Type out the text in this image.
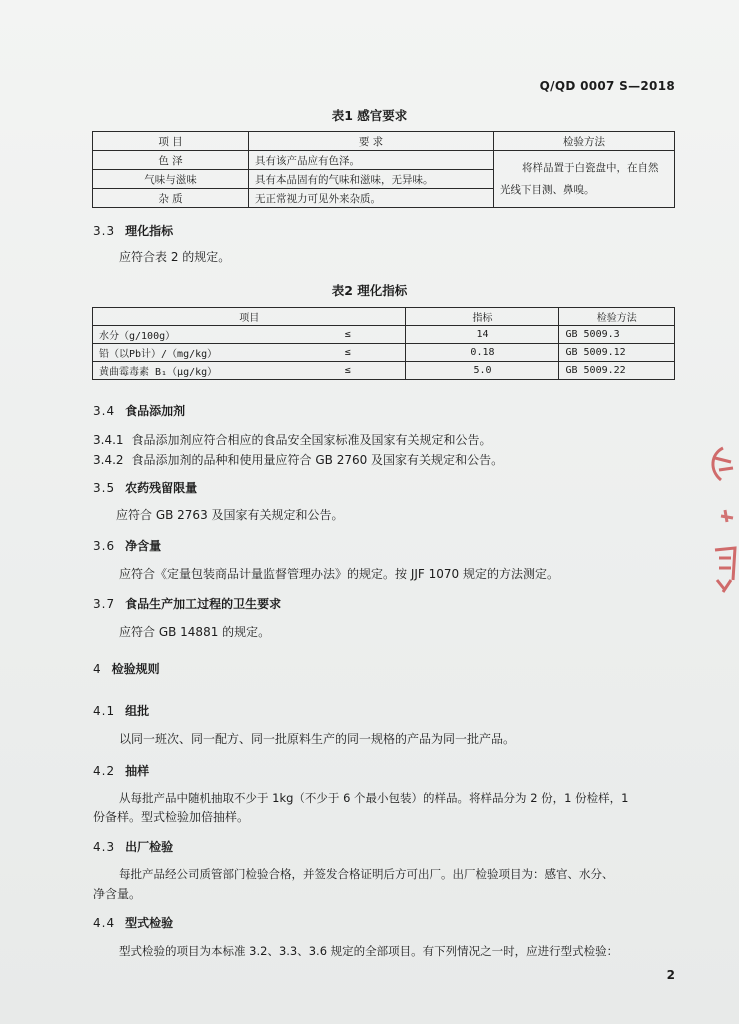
Q/QD 0007 S—2018
表1 感官要求
项 目	要 求	检验方法
色 泽	具有该产品应有色泽。	将样品置于白瓷盘中，在自然
光线下目测、鼻嗅。

气味与滋味	具有本品固有的气味和滋味，无异味。	
杂 质	无正常视力可见外来杂质。	
3.3 理化指标
应符合表 2 的规定。
表2 理化指标
项目		指标	检验方法
水分（g/100g）	≤	14	GB 5009.3
铅（以Pb计）/（mg/kg）	≤	0.18	GB 5009.12
黄曲霉毒素 B₁（μg/kg）	≤	5.0	GB 5009.22
3.4 食品添加剂
3.4.1 食品添加剂应符合相应的食品安全国家标准及国家有关规定和公告。
3.4.2 食品添加剂的品种和使用量应符合 GB 2760 及国家有关规定和公告。
3.5 农药残留限量
应符合 GB 2763 及国家有关规定和公告。
3.6 净含量
应符合《定量包装商品计量监督管理办法》的规定。按 JJF 1070 规定的方法测定。
3.7 食品生产加工过程的卫生要求
应符合 GB 14881 的规定。
4 检验规则
4.1 组批
以同一班次、同一配方、同一批原料生产的同一规格的产品为同一批产品。
4.2 抽样
从每批产品中随机抽取不少于 1kg（不少于 6 个最小包装）的样品。将样品分为 2 份，1 份检样，1
份备样。型式检验加倍抽样。
4.3 出厂检验
每批产品经公司质管部门检验合格，并签发合格证明后方可出厂。出厂检验项目为：感官、水分、
净含量。
4.4 型式检验
型式检验的项目为本标准 3.2、3.3、3.6 规定的全部项目。有下列情况之一时，应进行型式检验：
2
